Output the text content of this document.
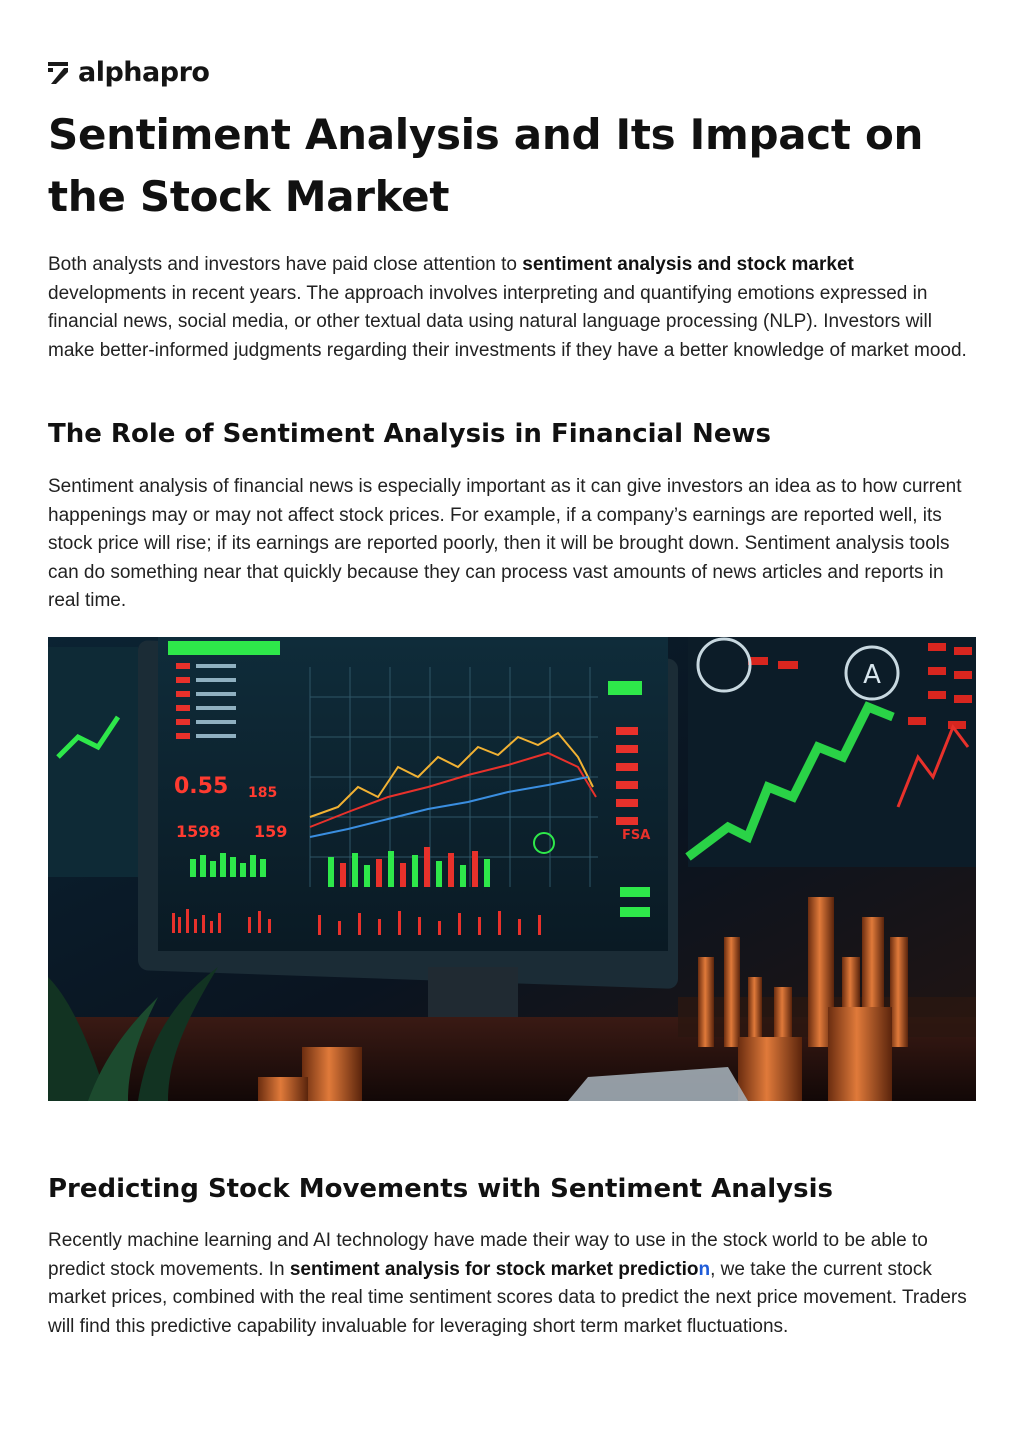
alphapro
Sentiment Analysis and Its Impact on the Stock Market

Both analysts and investors have paid close attention to sentiment analysis and stock market developments in recent years. The approach involves interpreting and quantifying emotions expressed in financial news, social media, or other textual data using natural language processing (NLP). Investors will make better-informed judgments regarding their investments if they have a better knowledge of market mood.

The Role of Sentiment Analysis in Financial News

Sentiment analysis of financial news is especially important as it can give investors an idea as to how current happenings may or may not affect stock prices. For example, if a company’s earnings are reported well, its stock price will rise; if its earnings are reported poorly, then it will be brought down. Sentiment analysis tools can do something near that quickly because they can process vast amounts of news articles and reports in real time.

A
0.55 185
1598 159	FSA
Predicting Stock Movements with Sentiment Analysis

Recently machine learning and AI technology have made their way to use in the stock world to be able to predict stock movements. In sentiment analysis for stock market prediction, we take the current stock market prices, combined with the real time sentiment scores data to predict the next price movement. Traders will find this predictive capability invaluable for leveraging short term market fluctuations.
